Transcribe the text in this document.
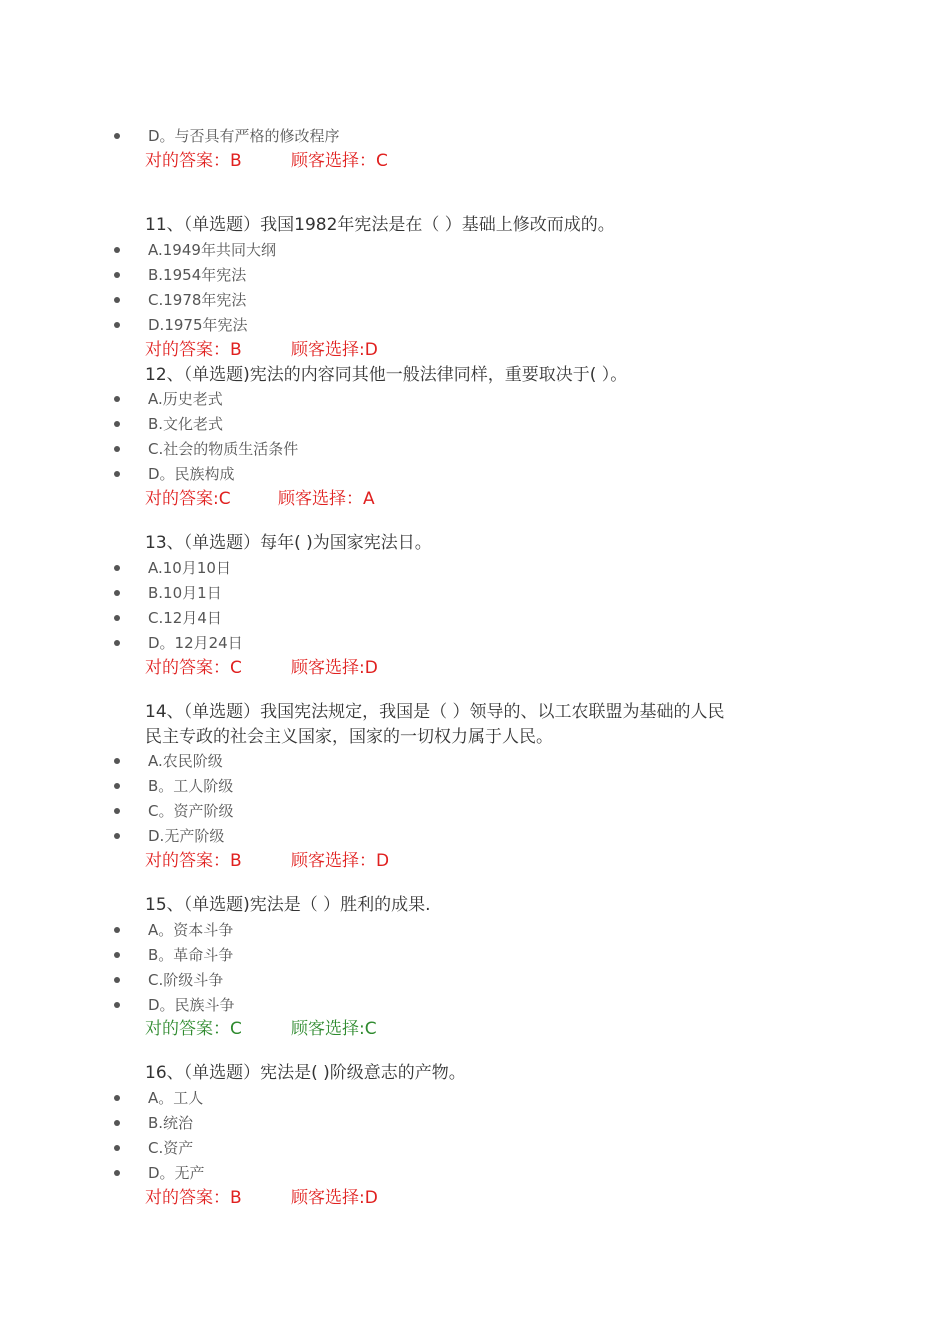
D。与否具有严格的修改程序
对的答案：B	顾客选择：C
11、（单选题）我国1982年宪法是在（ ）基础上修改而成的。
A.1949年共同大纲
B.1954年宪法
C.1978年宪法
D.1975年宪法
对的答案：B	顾客选择:D
12、（单选题)宪法的内容同其他一般法律同样，重要取决于( ）。
A.历史老式
B.文化老式
C.社会的物质生活条件
D。民族构成
对的答案:C	顾客选择：A
13、（单选题）每年( )为国家宪法日。
A.10月10日
B.10月1日
C.12月4日
D。12月24日
对的答案：C	顾客选择:D
14、（单选题）我国宪法规定，我国是（ ）领导的、以工农联盟为基础的人民
民主专政的社会主义国家，国家的一切权力属于人民。
A.农民阶级
B。工人阶级
C。资产阶级
D.无产阶级
对的答案：B	顾客选择：D
15、（单选题)宪法是（ ）胜利的成果.
A。资本斗争
B。革命斗争
C.阶级斗争
D。民族斗争
对的答案：C	顾客选择:C
16、（单选题）宪法是( )阶级意志的产物。
A。工人
B.统治
C.资产
D。无产
对的答案：B	顾客选择:D
